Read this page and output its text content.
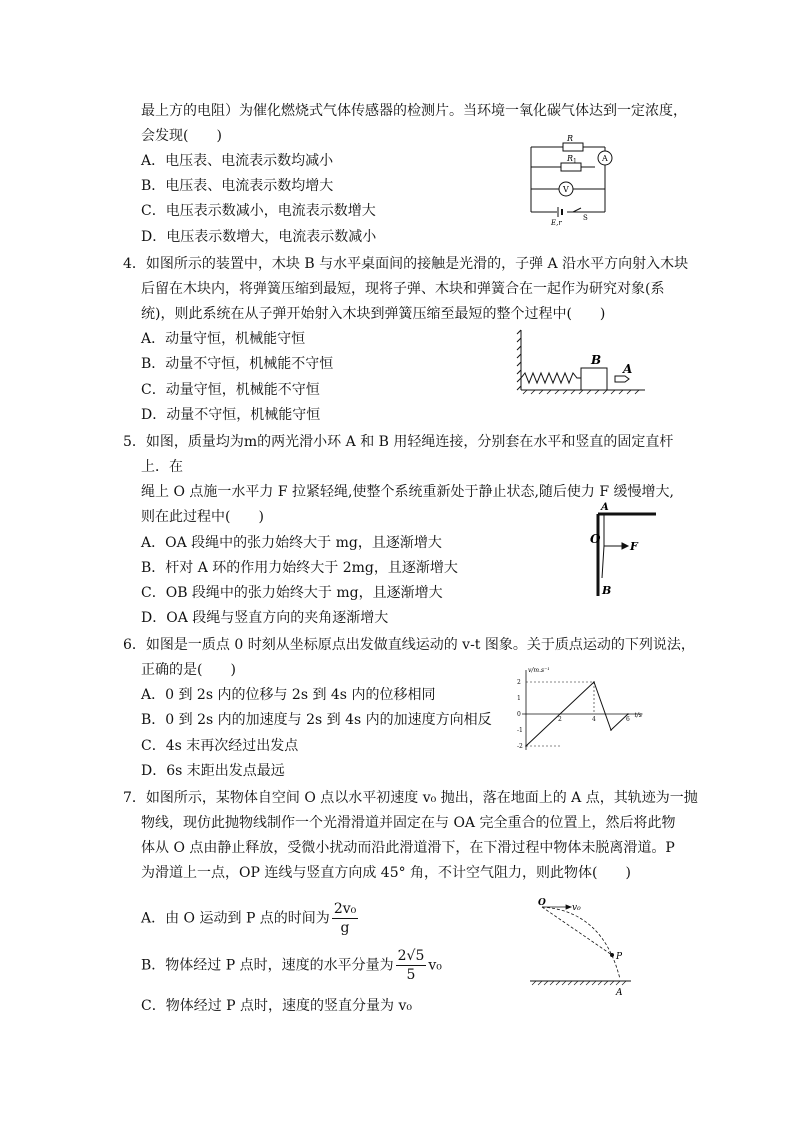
最上方的电阻）为催化燃烧式气体传感器的检测片。当环境一氧化碳气体达到一定浓度，
会发现(　　)
A．电压表、电流表示数均减小
B．电压表、电流表示数均增大
C．电压表示数减小，电流表示数增大
D．电压表示数增大，电流表示数减小
R
R 1	A
V
E,r
S
4．如图所示的装置中，木块 B 与水平桌面间的接触是光滑的，子弹 A 沿水平方向射入木块
后留在木块内，将弹簧压缩到最短，现将子弹、木块和弹簧合在一起作为研究对象(系
统)，则此系统在从子弹开始射入木块到弹簧压缩至最短的整个过程中(　　)
A．动量守恒，机械能守恒
B．动量不守恒，机械能不守恒
C．动量守恒，机械能不守恒
D．动量不守恒，机械能守恒
B
A
5．如图，质量均为m的两光滑小环 A 和 B 用轻绳连接，分别套在水平和竖直的固定直杆
上．在
绳上 O 点施一水平力 F 拉紧轻绳,使整个系统重新处于静止状态,随后使力 F 缓慢增大,
则在此过程中(　　)
A．OA 段绳中的张力始终大于 mg，且逐渐增大
B．杆对 A 环的作用力始终大于 2mg，且逐渐增大
C．OB 段绳中的张力始终大于 mg，且逐渐增大
D．OA 段绳与竖直方向的夹角逐渐增大
A
O
F
B
6．如图是一质点 0 时刻从坐标原点出发做直线运动的 v-t 图象。关于质点运动的下列说法，
正确的是(　　)
A．0 到 2s 内的位移与 2s 到 4s 内的位移相同
B．0 到 2s 内的加速度与 2s 到 4s 内的加速度方向相反
C．4s 末再次经过出发点
D．6s 末距出发点最远
2	4	6
2
1
0
-1
-2
v/m.s⁻¹
t/s
7．如图所示，某物体自空间 O 点以水平初速度 v₀ 抛出，落在地面上的 A 点，其轨迹为一抛
物线，现仿此抛物线制作一个光滑滑道并固定在与 OA 完全重合的位置上，然后将此物
体从 O 点由静止释放，受微小扰动而沿此滑道滑下，在下滑过程中物体未脱离滑道。P
为滑道上一点，OP 连线与竖直方向成 45° 角，不计空气阻力，则此物体(　　)
A．由 O 运动到 P 点的时间为 $\frac{\text{2v₀}}{g}$
B．物体经过 P 点时，速度的水平分量为 $\frac{2√5}{5} v_0$
C．物体经过 P 点时，速度的竖直分量为 v₀
O	v₀
P
A
